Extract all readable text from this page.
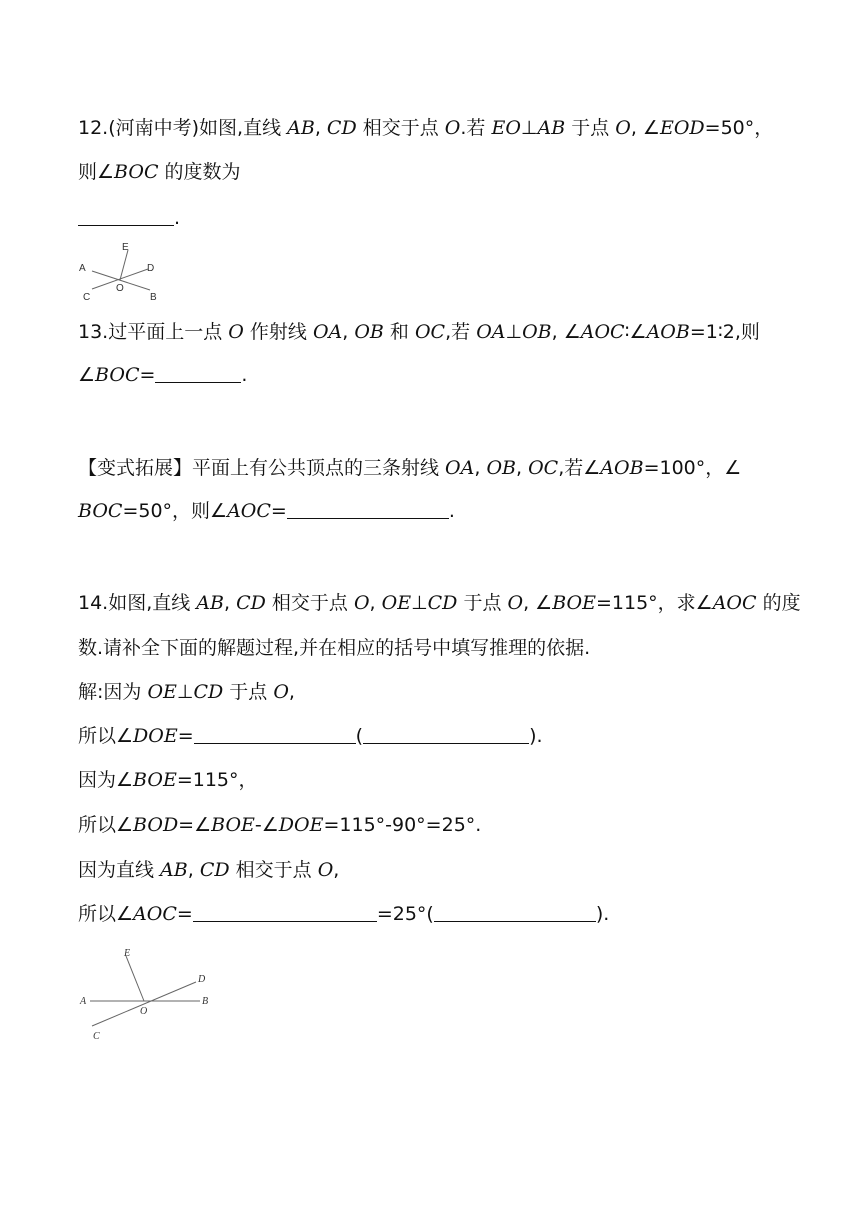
12.(河南中考)如图,直线 AB, CD 相交于点 O.若 EO⊥AB 于点 O, ∠EOD=50°，
则∠BOC 的度数为
.
A
E
D
O
C	B
13.过平面上一点 O 作射线 OA, OB 和 OC,若 OA⊥OB, ∠AOC∶∠AOB=1∶2,则
∠BOC=	.
【变式拓展】平面上有公共顶点的三条射线 OA, OB, OC,若∠AOB=100°，∠
BOC=50°，则∠AOC=	.
14.如图,直线 AB, CD 相交于点 O, OE⊥CD 于点 O, ∠BOE=115°，求∠AOC 的度
数.请补全下面的解题过程,并在相应的括号中填写推理的依据.
解:因为 OE⊥CD 于点 O,
所以∠DOE=	(	).
因为∠BOE=115°，
所以∠BOD=∠BOE-∠DOE=115°-90°=25°.
因为直线 AB, CD 相交于点 O,
所以∠AOC=	=25°(	).
E
D
A	B
O
C
